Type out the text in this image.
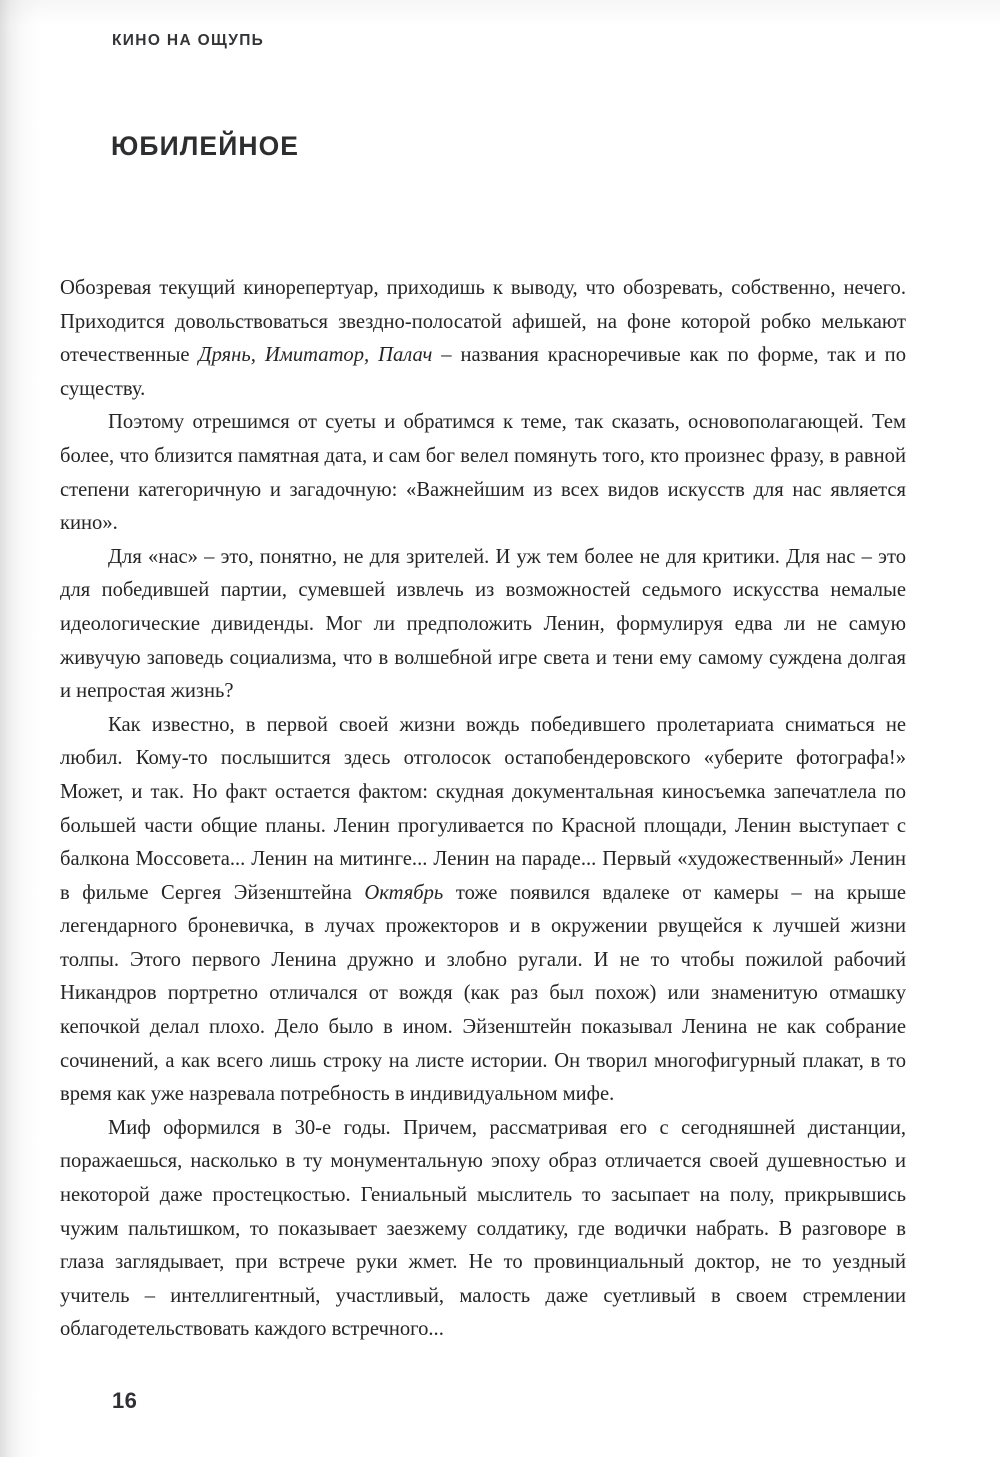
КИНО НА ОЩУПЬ
ЮБИЛЕЙНОЕ

Обозревая текущий кинорепертуар, приходишь к выводу, что обозревать, собственно, нечего. Приходится довольствоваться звездно-полосатой афишей, на фоне которой робко мелькают отечественные Дрянь, Имитатор, Палач – названия красноречивые как по форме, так и по существу.

Поэтому отрешимся от суеты и обратимся к теме, так сказать, основополагающей. Тем более, что близится памятная дата, и сам бог велел помянуть того, кто произнес фразу, в равной степени категоричную и загадочную: «Важнейшим из всех видов искусств для нас является кино».

Для «нас» – это, понятно, не для зрителей. И уж тем более не для критики. Для нас – это для победившей партии, сумевшей извлечь из возможностей седьмого искусства немалые идеологические дивиденды. Мог ли предположить Ленин, формулируя едва ли не самую живучую заповедь социализма, что в волшебной игре света и тени ему самому суждена долгая и непростая жизнь?

Как известно, в первой своей жизни вождь победившего пролетариата сниматься не любил. Кому-то послышится здесь отголосок остапобендеровского «уберите фотографа!» Может, и так. Но факт остается фактом: скудная документальная киносъемка запечатлела по большей части общие планы. Ленин прогуливается по Красной площади, Ленин выступает с балкона Моссовета... Ленин на митинге... Ленин на параде... Первый «художественный» Ленин в фильме Сергея Эйзенштейна Октябрь тоже появился вдалеке от камеры – на крыше легендарного броневичка, в лучах прожекторов и в окружении рвущейся к лучшей жизни толпы. Этого первого Ленина дружно и злобно ругали. И не то чтобы пожилой рабочий Никандров портретно отличался от вождя (как раз был похож) или знаменитую отмашку кепочкой делал плохо. Дело было в ином. Эйзенштейн показывал Ленина не как собрание сочинений, а как всего лишь строку на листе истории. Он творил многофигурный плакат, в то время как уже назревала потребность в индивидуальном мифе.

Миф оформился в 30-е годы. Причем, рассматривая его с сегодняшней дистанции, поражаешься, насколько в ту монументальную эпоху образ отличается своей душевностью и некоторой даже простецкостью. Гениальный мыслитель то засыпает на полу, прикрывшись чужим пальтишком, то показывает заезжему солдатику, где водички набрать. В разговоре в глаза заглядывает, при встрече руки жмет. Не то провинциальный доктор, не то уездный учитель – интеллигентный, участливый, малость даже суетливый в своем стремлении облагодетельствовать каждого встречного...

16
